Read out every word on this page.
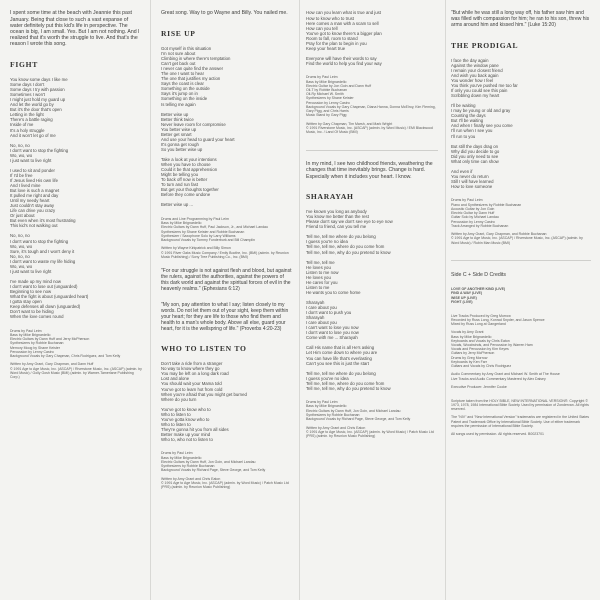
I spent some time at the beach with Jeannie this past January. Being that close to such a vast expanse of water definitely put this kid's life in perspective. The ocean is big, I am small. Yes. But I am not nothing. And I realized that it's worth the struggle to live. And that's the reason I wrote this song.

FIGHT

You know some days I like me
Some days I don't
Some days I try with passion
Sometimes I won't
I might just hold my guard up
And let the world go by
But it's the door that's open
Letting in the light
There's a battle raging
Inside of me
It's a holy struggle
And it won't let go of me

No, no, no
I don't want to stop the fighting
Wo, wo, wo
I just want to live right

I used to sit and ponder
If I'd be free
If Jesus lived His own life
And I lived mine
But love is such a magnet
It pulled me right and day
Until my needy heart
Just couldn't stay away
Life can drive you crazy
Or just about
But even when it's most frustrating
This kid's not walking out

No, no, no
I don't want to stop the fighting
Wo, wo, wo
Sure, it's tough and I won't deny it
No, no, no
I don't want to waste my life hiding
Wo, wo, wo
I just want to live right

I've made up my mind now
I don't want to lose out (unguarded)
Beginning to see now
What the fight is about (unguarded heart)
I gotta stay open
Keep defenses all down (unguarded)
Don't want to be hiding
When the love comes round

Drums by Paul Leim
Bass by Mike Brignardello
Electric Guitars by Dann Huff and Jerry McPherson
Synthesizers by Robbie Buchanan
Memory Moog by Shane Keister
Percussion by Lenny Castro
Background Vocals by Gary Chapman, Chris Rodriguez, and Tom Kelly

Written by Amy Grant, Gary Chapman, and Dann Huff
© 1991 Age to Age Music, Inc. (ASCAP) / Riverstone Music, Inc. (ASCAP) (admin. by Word Music) / Golly Gosh Music (BMI) (admin. by Warner-Tamerlane Publishing Corp.)

Great song. Way to go Wayne and Billy. You nailed me.

RISE UP

Got myself in this situation
I'm not sure about
Climbing in where there's temptation
Can't get back out
I never can quite find the answer
The one I want to hear
The one that justifies my action
Says the coast is clear
Something on the outside
Says it's jump on in
Something on the inside
Is telling me again

Better wise up
Better think twice
Never leave room for compromise
You better wise up
Better get smart
And use your head to guard your heart
It's gonna get rough
So you better wise up

Take a look at your intentions
When you have to choose
Could it be that apprehension
Might be telling you
To back off now is better
To turn and run fast
But get your thoughts together
Before they come undone

Better wise up ...

Drums and Line Programming by Paul Leim
Bass by Mike Brignardello
Electric Guitars by Dann Huff, Paul Jackson, Jr., and Michael Landau
Synthesizers by Shane Keister and Robbie Buchanan
Synthesizer / Saxophone Solo by Larry Williams
Background Vocals by Tommy Funderburk and Bill Champlin

Written by Wayne Kirkpatrick and Billy Simon
© 1991 River Oaks Music Company / Emily Boothe, Inc. (BMI) (admin. by Reunion Music Publishing) / Sony Tree Publishing Co., Inc. (BMI)

"For our struggle is not against flesh and blood, but against the rulers, against the authorities, against the powers of this dark world and against the spiritual forces of evil in the heavenly realms." (Ephesians 6:12)

"My son, pay attention to what I say; listen closely to my words. Do not let them out of your sight, keep them within your heart; for they are life to those who find them and health to a man's whole body. Above all else, guard your heart, for it is the wellspring of life." (Proverbs 4:20-23)

WHO TO LISTEN TO

Don't take a ride from a stranger
No way to know where they go
You may be left on a long dark road
Lost and alone
You should wait your Mama told
You've got to learn hot from cold
When you're afraid that you might get burned
Where do you turn

You've got to know who to
Who to listen to
You've gotta know who to
Who to listen to
They're gonna hit you from all sides
Better make up your mind
Who to, who not to listen to

Drums by Paul Leim
Bass by Mike Brignardello
Electric Guitars by Dann Huff, Jon Goin, and Michael Landau
Synthesizers by Robbie Buchanan
Background Vocals by Richard Page, Steve George, and Tom Kelly

Written by Amy Grant and Chris Eaton
© 1991 Age to Age Music, Inc. (ASCAP) (admin. by Word Music) / Patch Music Ltd (PRS) (admin. by Reunion Music Publishing)

How can you learn what is true and just
How to know who to trust
Here comes a man with a scam to sell
How can you tell
You've got to know there's a bigger plan
Room to fall, room to stand
Pray for the plan to begin in you
Keep your heart true

Everyone will have their words to say
Find the world to help you find your way

Drums by Paul Leim
Bass by Mike Brignardello
Electric Guitar by Jon Goin and Dann Huff
Oil-T by Robbie Buchanan
Oil-Ry Michael W. Smith
Synthesizers by Shane Keister
Percussion by Lenny Castro
Background Vocals by Gary Chapman, Diana Hanna, Donna McElroy, Kim Fleming, Gary Pigg, and Chris Harris
Music Stand by Gary Pigg

Written by Gary Chapman, Tim Marsh, and Mark Wright
© 1991 Riverstone Music, Inc. (ASCAP) (admin. by Word Music) / EMI Blackwood Music, Inc. / Land Of Music (BMI)

In my mind, I see two childhood friends, weathering the changes that time inevitably brings. Change is hard. Especially when it includes your heart. I know.

SHARAYAH

I've known you long as anybody
You know me better than the rest
Please don't say we don't see eye to eye now
Friend to friend, can you tell me

Tell me, tell me where do you belong
I guess you're no idea
Tell me, tell me, where do you come from
Tell me, tell me, why do you pretend to know

Tell me, tell me
He loves you
Listen to me now
He loves you
He cares for you
Listen to me
He wants you to come home

Sharayah
I care about you
I don't want to push you
Sharayah
I care about you
I can't want to lose you now
I don't want to lose you now
Come with me ... Sharayah

Call His name that is all He's asking
Let Him come down to where you are
You can have life that's everlasting
Can't you see this is just the start

Tell me, tell me where do you belong
I guess you've no idea
Tell me, tell me, where do you come from
Tell me, tell me, why do you pretend to know

Drums by Paul Leim
Bass by Mike Brignardello
Electric Guitars by Dann Huff, Jon Goin, and Michael Landau
Synthesizers by Robbie Buchanan
Background Vocals by Richard Page, Steve George, and Tom Kelly

Written by Amy Grant and Chris Eaton
© 1991 Age to Age Music, Inc. (ASCAP) (admin. by Word Music) / Patch Music Ltd (PRS) (admin. by Reunion Music Publishing)

"But while he was still a long way off, his father saw him and was filled with compassion for him; he ran to his son, threw his arms around him and kissed him." (Luke 15:20)

THE PRODIGAL

I face the day again
Against the window pane
I remain your closest friend
And wish you back again
You wonder how I feel
You think you've pushed me too far
If only you could see this pain
Scribbling down my heart

I'll be waiting
I may be young or old and gray
Counting the days
But I'll be waiting
And when I finally see you come
I'll run when I see you
I'll run to you

But still the days drag on
Why did you decide to go
Did you only need to see
What only time can show

And even if
You never do return
Still I will have learned
How to love someone

Drums by Paul Leim
Piano and Synthesizers by Robbie Buchanan
Acoustic Guitar by Jon Goin
Electric Guitar by Dann Huff
Guitar Solo by Michael Landau
Percussion by Lenny Castro
Track Arranged by Robbie Buchanan

Written by Amy Grant, Gary Chapman, and Robbie Buchanan
© 1991 Age to Age Music, Inc. (ASCAP) / Riverstone Music, Inc. (ASCAP) (admin. by Word Music) / Rubin Man Music (BMI)

Side C + Side D Credits

LOVE OF ANOTHER KIND (LIVE)
FIND A WAY (LIVE)
WISE UP (LIVE)
FIGHT (LIVE)

Live Tracks Produced by Greg Morrow
Recorded by Russ Long, Konrad Snyder, and Jason Spence
Mixed by Russ Long at Gangerland

Vocals by Amy Grant
Bass by Mike Brignardello
Keyboards and Vocals by Chris Eaton
Vocals, Woodwinds, and Percussion by Warren Ham
Vocals and Percussion by Kim Keyes
Guitars by Jerry McPherson
Drums by Greg Morrow
Keyboards by Ken Farr
Guitars and Vocals by Chris Rodriguez

Audio Commentary by Amy Grant and Michael W. Smith at The House
Live Tracks and Audio Commentary Mastered by Alex Daisey

Executive Producer: Jennifer Cooke

Scripture taken from the HOLY BIBLE, NEW INTERNATIONAL VERSION®. Copyright © 1973, 1978, 1984 International Bible Society. Used by permission of Zondervan. All rights reserved.

The "NIV" and "New International Version" trademarks are registered in the United States Patent and Trademark Office by International Bible Society. Use of either trademark requires the permission of International Bible Society.

All songs used by permission. All rights reserved. B0023701
